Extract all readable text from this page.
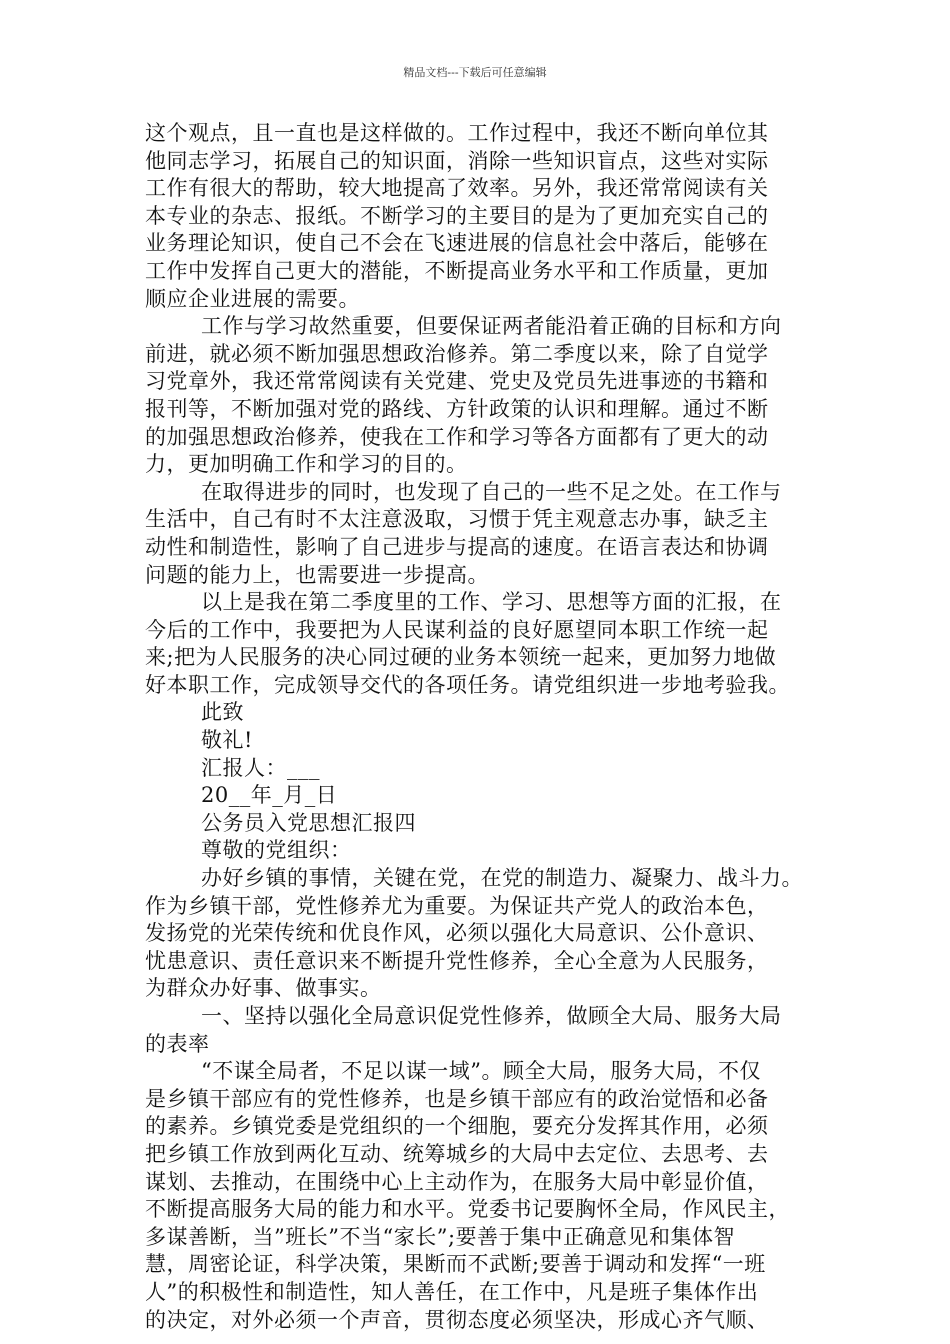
精品文档---下载后可任意编辑
这个观点，且一直也是这样做的。工作过程中，我还不断向单位其
他同志学习，拓展自己的知识面，消除一些知识盲点，这些对实际
工作有很大的帮助，较大地提高了效率。另外，我还常常阅读有关
本专业的杂志、报纸。不断学习的主要目的是为了更加充实自己的
业务理论知识，使自己不会在飞速进展的信息社会中落后，能够在
工作中发挥自己更大的潜能，不断提高业务水平和工作质量，更加
顺应企业进展的需要。
工作与学习故然重要，但要保证两者能沿着正确的目标和方向
前进，就必须不断加强思想政治修养。第二季度以来，除了自觉学
习党章外，我还常常阅读有关党建、党史及党员先进事迹的书籍和
报刊等，不断加强对党的路线、方针政策的认识和理解。通过不断
的加强思想政治修养，使我在工作和学习等各方面都有了更大的动
力，更加明确工作和学习的目的。
在取得进步的同时，也发现了自己的一些不足之处。在工作与
生活中，自己有时不太注意汲取，习惯于凭主观意志办事，缺乏主
动性和制造性，影响了自己进步与提高的速度。在语言表达和协调
问题的能力上，也需要进一步提高。
以上是我在第二季度里的工作、学习、思想等方面的汇报，在
今后的工作中，我要把为人民谋利益的良好愿望同本职工作统一起
来;把为人民服务的决心同过硬的业务本领统一起来，更加努力地做
好本职工作，完成领导交代的各项任务。请党组织进一步地考验我。
此致
敬礼!
汇报人：___
20__年_月_日
公务员入党思想汇报四
尊敬的党组织：
办好乡镇的事情，关键在党，在党的制造力、凝聚力、战斗力。
作为乡镇干部，党性修养尤为重要。为保证共产党人的政治本色，
发扬党的光荣传统和优良作风，必须以强化大局意识、公仆意识、
忧患意识、责任意识来不断提升党性修养，全心全意为人民服务，
为群众办好事、做事实。
一、坚持以强化全局意识促党性修养，做顾全大局、服务大局
的表率
“不谋全局者，不足以谋一域”。顾全大局，服务大局，不仅
是乡镇干部应有的党性修养，也是乡镇干部应有的政治觉悟和必备
的素养。乡镇党委是党组织的一个细胞，要充分发挥其作用，必须
把乡镇工作放到两化互动、统筹城乡的大局中去定位、去思考、去
谋划、去推动，在围绕中心上主动作为，在服务大局中彰显价值，
不断提高服务大局的能力和水平。党委书记要胸怀全局，作风民主，
多谋善断，当”班长”不当“家长”;要善于集中正确意见和集体智
慧，周密论证，科学决策，果断而不武断;要善于调动和发挥“一班
人”的积极性和制造性，知人善任，在工作中，凡是班子集体作出
的决定，对外必须一个声音，贯彻态度必须坚决，形成心齐气顺、
